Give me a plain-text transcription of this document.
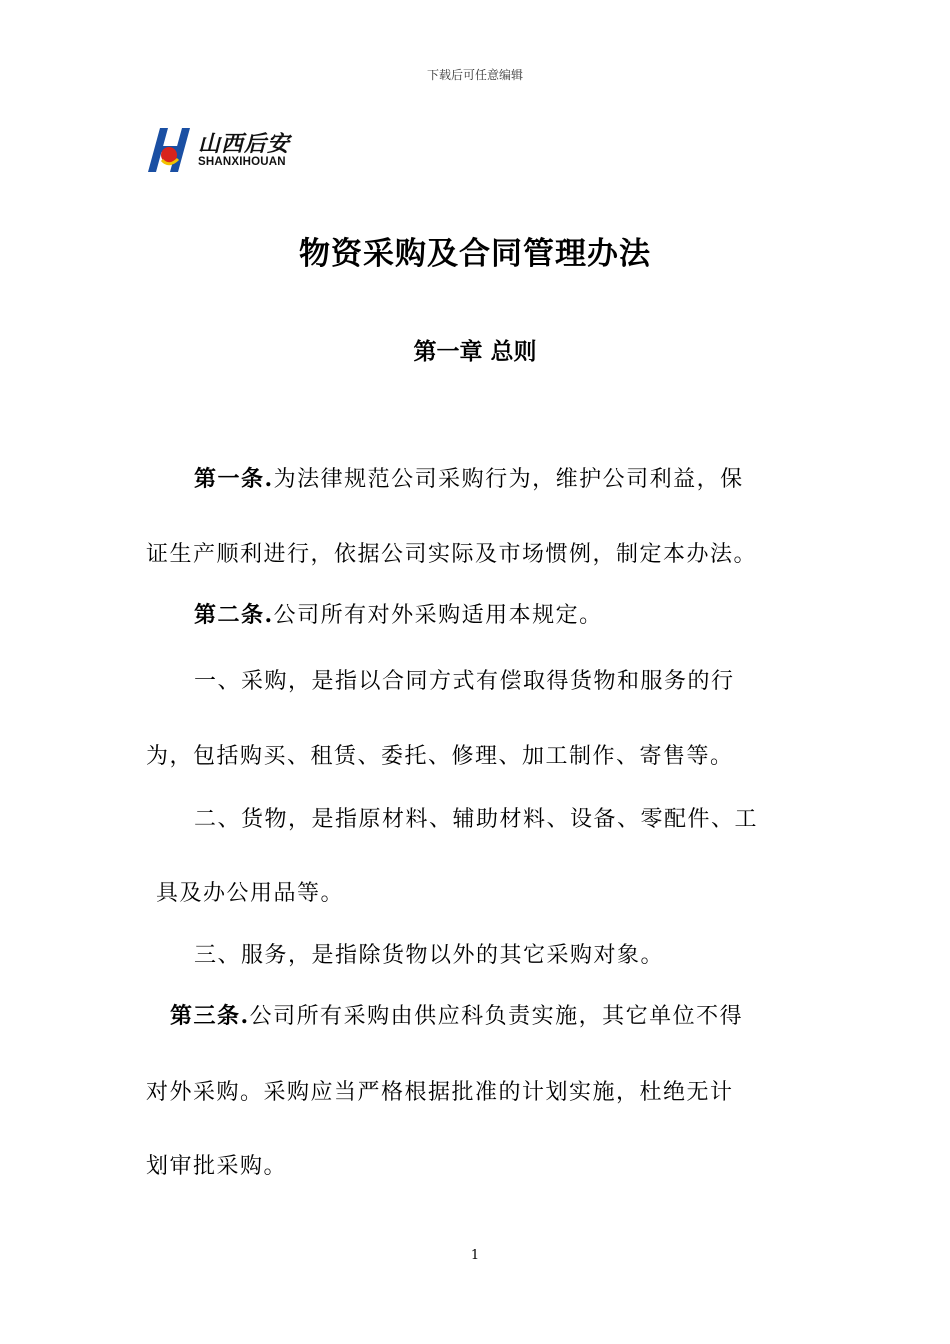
下载后可任意编辑
山西后安
SHANXIHOUAN
物资采购及合同管理办法
第一章 总则
第一条.为法律规范公司采购行为，维护公司利益，保
证生产顺利进行，依据公司实际及市场惯例，制定本办法。
第二条.公司所有对外采购适用本规定。
一、采购，是指以合同方式有偿取得货物和服务的行
为，包括购买、租赁、委托、修理、加工制作、寄售等。
二、货物，是指原材料、辅助材料、设备、零配件、工
具及办公用品等。
三、服务，是指除货物以外的其它采购对象。
第三条.公司所有采购由供应科负责实施，其它单位不得
对外采购。采购应当严格根据批准的计划实施，杜绝无计
划审批采购。
1
